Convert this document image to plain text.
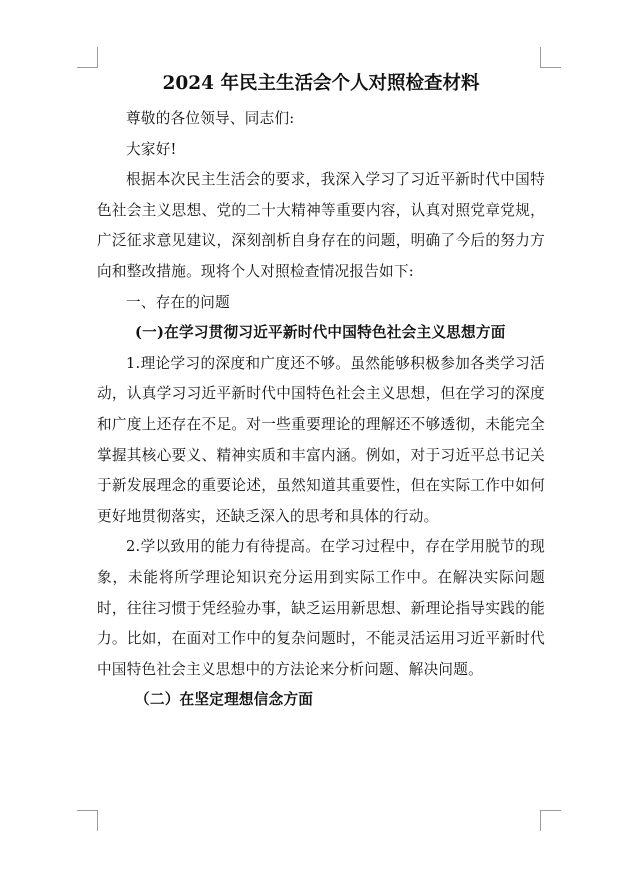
2024 年民主生活会个人对照检查材料

尊敬的各位领导、同志们:

大家好!

根据本次民主生活会的要求，我深入学习了习近平新时代中国特色社会主义思想、党的二十大精神等重要内容，认真对照党章党规，广泛征求意见建议，深刻剖析自身存在的问题，明确了今后的努力方向和整改措施。现将个人对照检查情况报告如下:

一、存在的问题

(一)在学习贯彻习近平新时代中国特色社会主义思想方面

1.理论学习的深度和广度还不够。虽然能够积极参加各类学习活动，认真学习习近平新时代中国特色社会主义思想，但在学习的深度和广度上还存在不足。对一些重要理论的理解还不够透彻，未能完全掌握其核心要义、精神实质和丰富内涵。例如，对于习近平总书记关于新发展理念的重要论述，虽然知道其重要性，但在实际工作中如何更好地贯彻落实，还缺乏深入的思考和具体的行动。

2.学以致用的能力有待提高。在学习过程中，存在学用脱节的现象，未能将所学理论知识充分运用到实际工作中。在解决实际问题时，往往习惯于凭经验办事，缺乏运用新思想、新理论指导实践的能力。比如，在面对工作中的复杂问题时，不能灵活运用习近平新时代中国特色社会主义思想中的方法论来分析问题、解决问题。

（二）在坚定理想信念方面
